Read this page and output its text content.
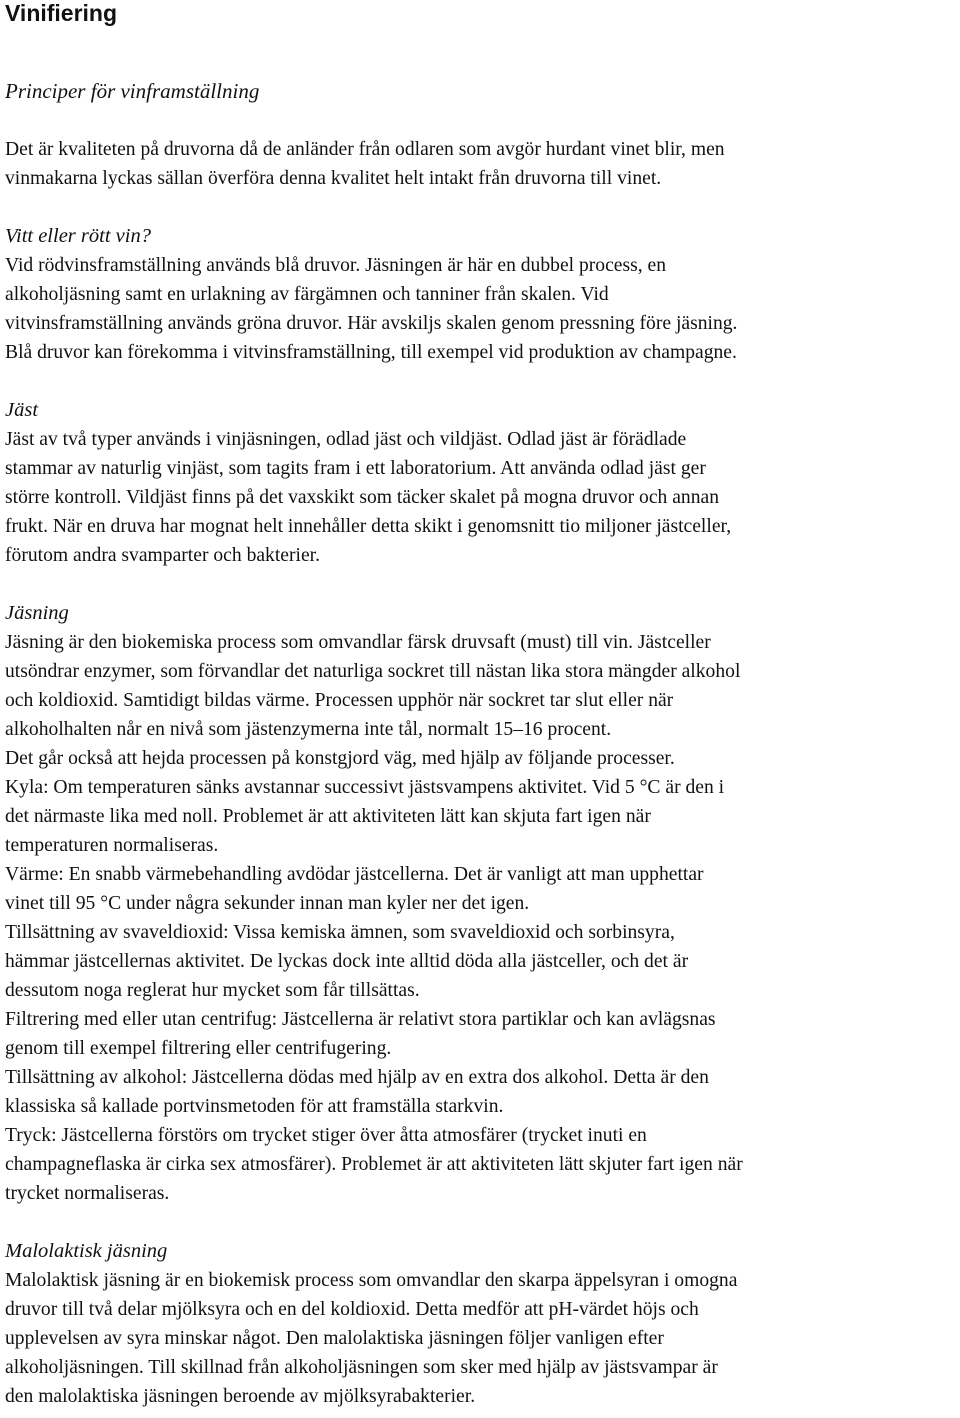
Vinifiering
Principer för vinframställning

Det är kvaliteten på druvorna då de anländer från odlaren som avgör hurdant vinet blir, men
vinmakarna lyckas sällan överföra denna kvalitet helt intakt från druvorna till vinet.

Vitt eller rött vin?

Vid rödvinsframställning används blå druvor. Jäsningen är här en dubbel process, en
alkoholjäsning samt en urlakning av färgämnen och tanniner från skalen. Vid
vitvinsframställning används gröna druvor. Här avskiljs skalen genom pressning före jäsning.
Blå druvor kan förekomma i vitvinsframställning, till exempel vid produktion av champagne.

Jäst

Jäst av två typer används i vinjäsningen, odlad jäst och vildjäst. Odlad jäst är förädlade
stammar av naturlig vinjäst, som tagits fram i ett laboratorium. Att använda odlad jäst ger
större kontroll. Vildjäst finns på det vaxskikt som täcker skalet på mogna druvor och annan
frukt. När en druva har mognat helt innehåller detta skikt i genomsnitt tio miljoner jästceller,
förutom andra svamparter och bakterier.

Jäsning

Jäsning är den biokemiska process som omvandlar färsk druvsaft (must) till vin. Jästceller
utsöndrar enzymer, som förvandlar det naturliga sockret till nästan lika stora mängder alkohol
och koldioxid. Samtidigt bildas värme. Processen upphör när sockret tar slut eller när
alkoholhalten når en nivå som jästenzymerna inte tål, normalt 15–16 procent.
Det går också att hejda processen på konstgjord väg, med hjälp av följande processer.
Kyla: Om temperaturen sänks avstannar successivt jästsvampens aktivitet. Vid 5 °C är den i
det närmaste lika med noll. Problemet är att aktiviteten lätt kan skjuta fart igen när
temperaturen normaliseras.
Värme: En snabb värmebehandling avdödar jästcellerna. Det är vanligt att man upphettar
vinet till 95 °C under några sekunder innan man kyler ner det igen.
Tillsättning av svaveldioxid: Vissa kemiska ämnen, som svaveldioxid och sorbinsyra,
hämmar jästcellernas aktivitet. De lyckas dock inte alltid döda alla jästceller, och det är
dessutom noga reglerat hur mycket som får tillsättas.
Filtrering med eller utan centrifug: Jästcellerna är relativt stora partiklar och kan avlägsnas
genom till exempel filtrering eller centrifugering.
Tillsättning av alkohol: Jästcellerna dödas med hjälp av en extra dos alkohol. Detta är den
klassiska så kallade portvinsmetoden för att framställa starkvin.
Tryck: Jästcellerna förstörs om trycket stiger över åtta atmosfärer (trycket inuti en
champagneflaska är cirka sex atmosfärer). Problemet är att aktiviteten lätt skjuter fart igen när
trycket normaliseras.

Malolaktisk jäsning

Malolaktisk jäsning är en biokemisk process som omvandlar den skarpa äppelsyran i omogna
druvor till två delar mjölksyra och en del koldioxid. Detta medför att pH-värdet höjs och
upplevelsen av syra minskar något. Den malolaktiska jäsningen följer vanligen efter
alkoholjäsningen. Till skillnad från alkoholjäsningen som sker med hjälp av jästsvampar är
den malolaktiska jäsningen beroende av mjölksyrabakterier.
